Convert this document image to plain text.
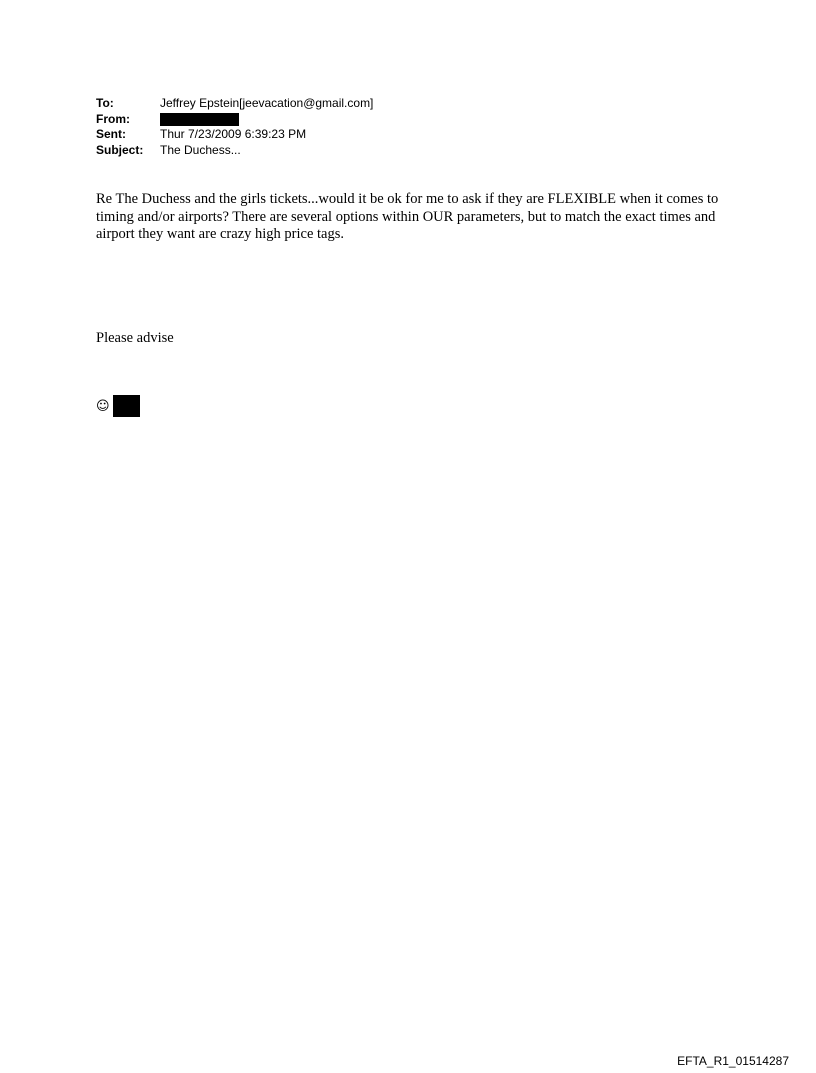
To:	Jeffrey Epstein[jeevacation@gmail.com]
From:
Sent:	Thur 7/23/2009 6:39:23 PM
Subject:	The Duchess...

Re The Duchess and the girls tickets...would it be ok for me to ask if they are FLEXIBLE when it comes to timing and/or airports? There are several options within OUR parameters, but to match the exact times and airport they want are crazy high price tags.

Please advise
☺
EFTA_R1_01514287
